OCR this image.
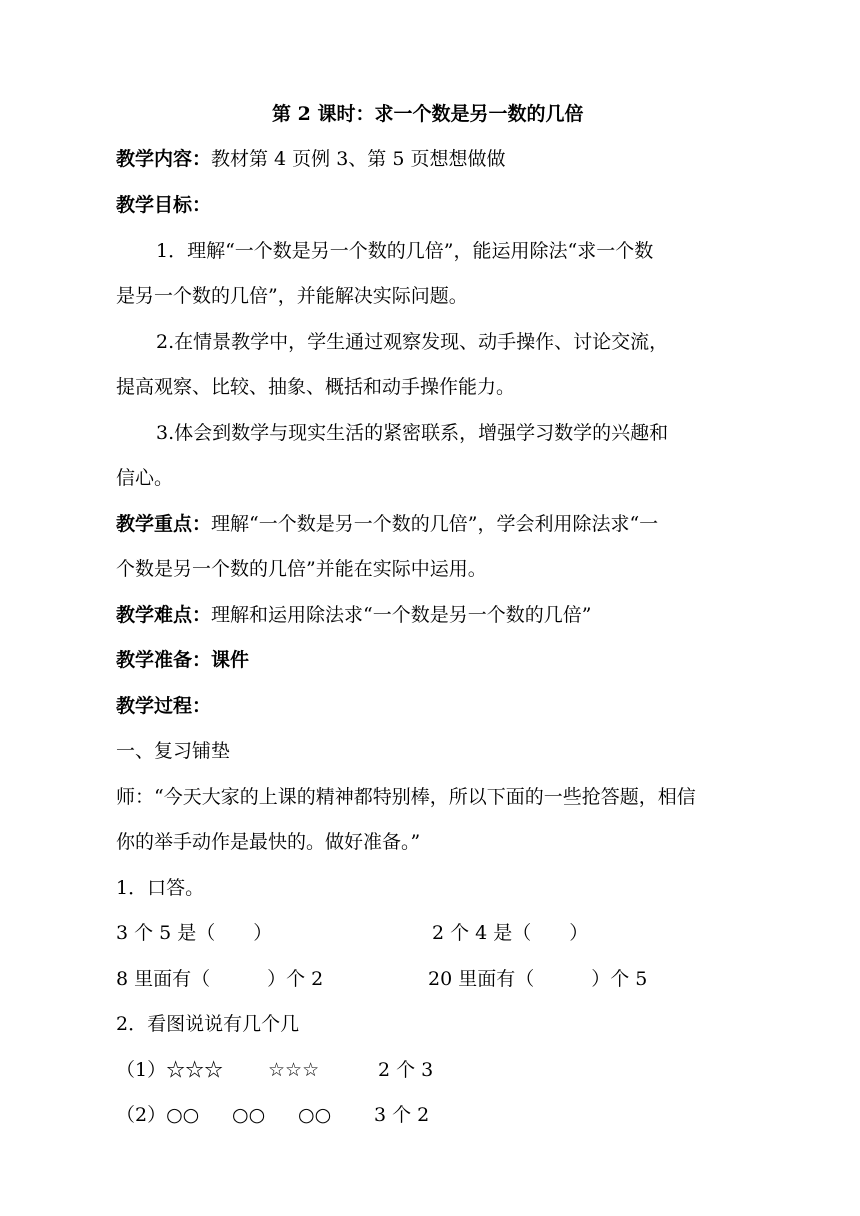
第 2 课时：求一个数是另一数的几倍
教学内容：教材第 4 页例 3、第 5 页想想做做
教学目标：
1．理解“一个数是另一个数的几倍”，能运用除法“求一个数
是另一个数的几倍”，并能解决实际问题。
2.在情景教学中，学生通过观察发现、动手操作、讨论交流，
提高观察、比较、抽象、概括和动手操作能力。
3.体会到数学与现实生活的紧密联系，增强学习数学的兴趣和
信心。
教学重点：理解“一个数是另一个数的几倍”，学会利用除法求“一
个数是另一个数的几倍”并能在实际中运用。
教学难点：理解和运用除法求“一个数是另一个数的几倍”
教学准备：课件
教学过程：
一、复习铺垫
师：“今天大家的上课的精神都特别棒，所以下面的一些抢答题，相信
你的举手动作是最快的。做好准备。”
1．口答。
3 个 5 是（　　）	2 个 4 是（　　）
8 里面有（　　　）个 2	20 里面有（　　　）个 5
2．看图说说有几个几
（1）☆☆☆ ☆☆☆	2 个 3
（2）○○ ○○ ○○ 3 个 2
